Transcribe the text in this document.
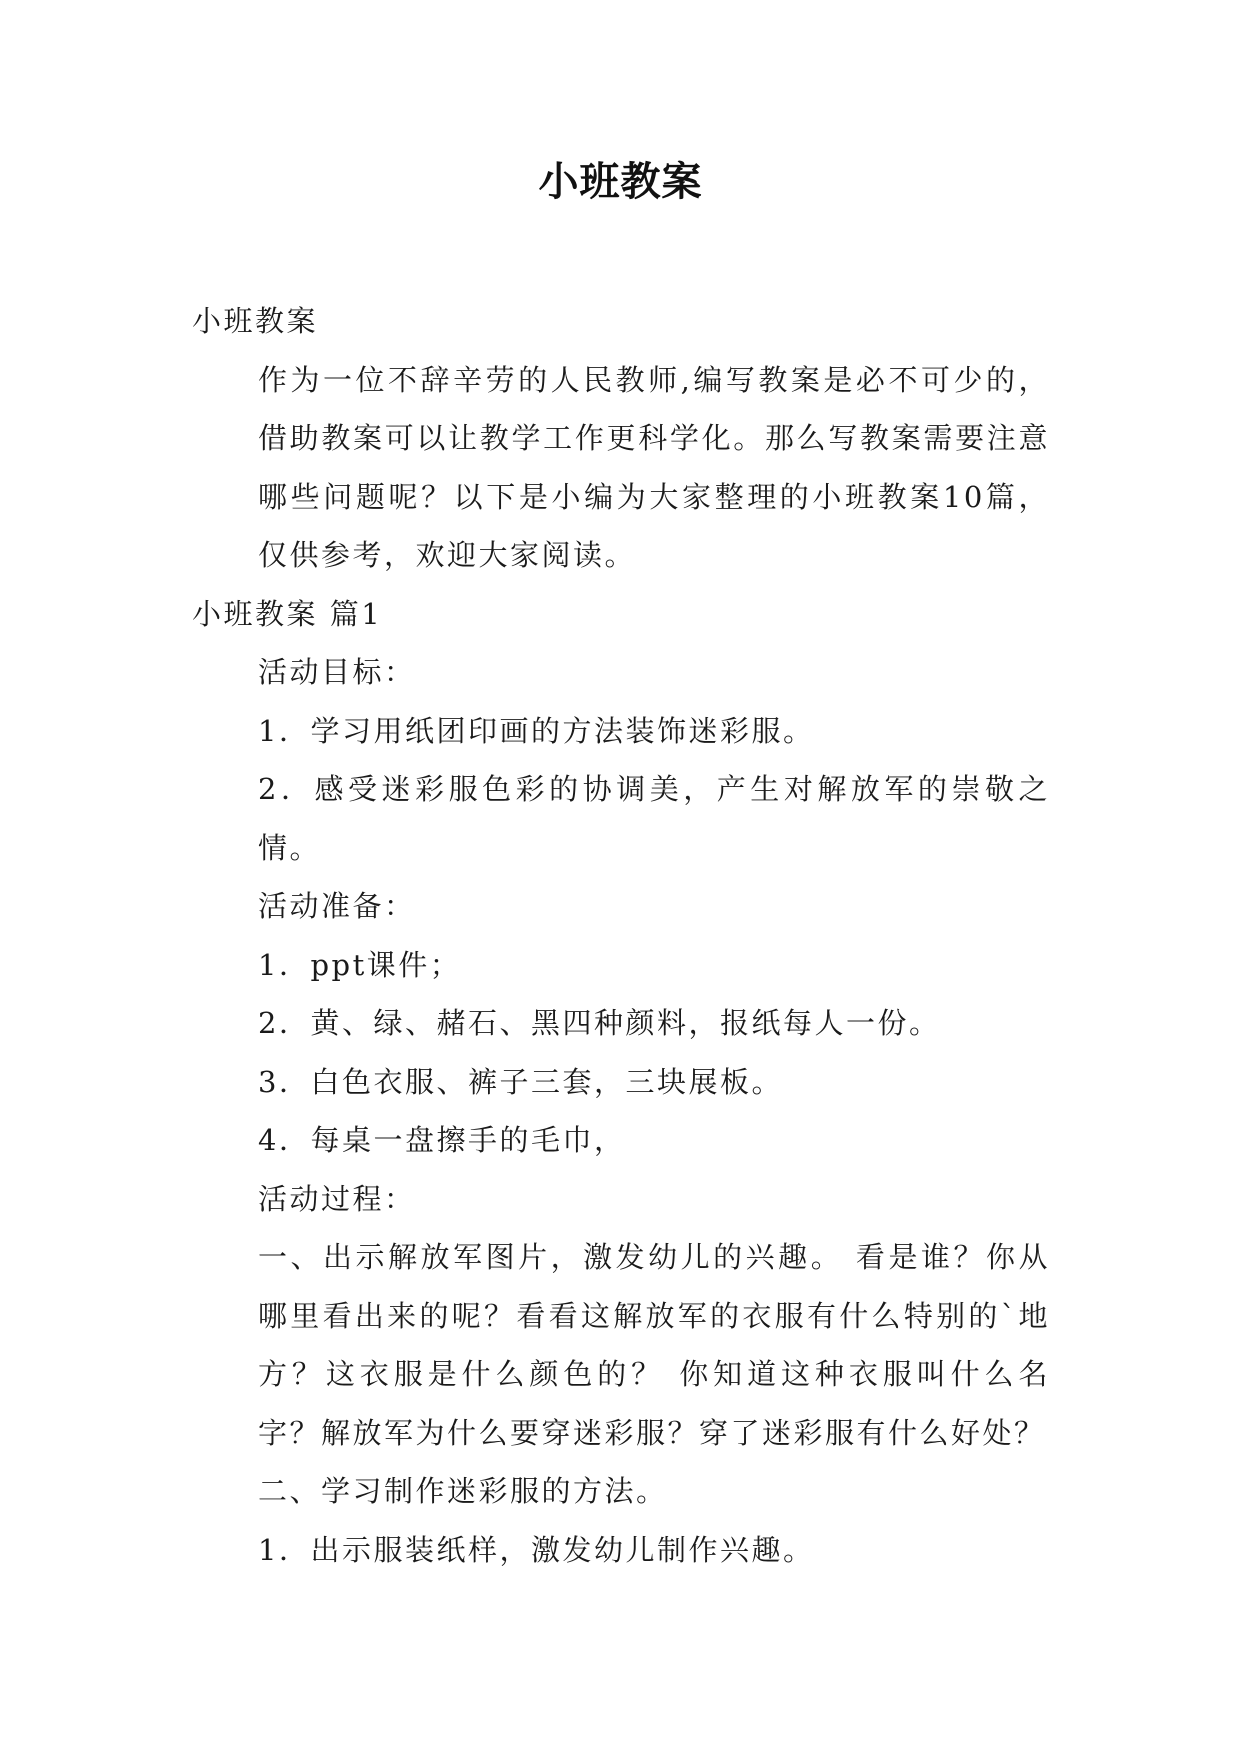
小班教案
小班教案
作为一位不辞辛劳的人民教师,编写教案是必不可少的，借助教案可以让教学工作更科学化。那么写教案需要注意哪些问题呢？以下是小编为大家整理的小班教案10篇，仅供参考，欢迎大家阅读。
小班教案 篇1
活动目标：
1．学习用纸团印画的方法装饰迷彩服。
2．感受迷彩服色彩的协调美，产生对解放军的崇敬之情。
活动准备：
1．ppt课件；
2．黄、绿、赭石、黑四种颜料，报纸每人一份。
3．白色衣服、裤子三套，三块展板。
4．每桌一盘擦手的毛巾，
活动过程：
一、出示解放军图片，激发幼儿的兴趣。 看是谁？你从哪里看出来的呢？看看这解放军的衣服有什么特别的`地方？这衣服是什么颜色的？ 你知道这种衣服叫什么名字？解放军为什么要穿迷彩服？穿了迷彩服有什么好处？
二、学习制作迷彩服的方法。
1．出示服装纸样，激发幼儿制作兴趣。
